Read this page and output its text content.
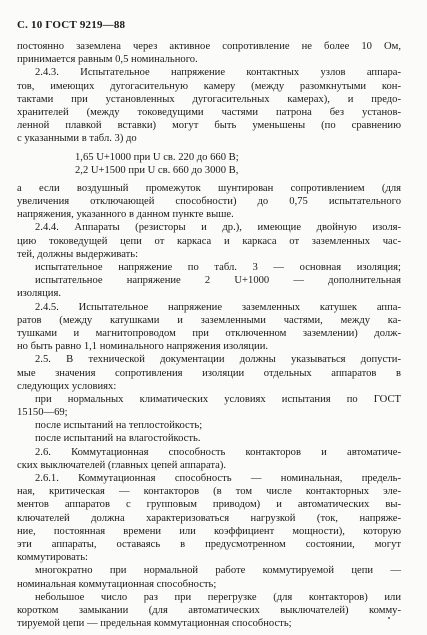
С. 10 ГОСТ 9219—88
постоянно заземлена через активное сопротивление не более 10 Ом,
принимается равным 0,5 номинального.
2.4.3. Испытательное напряжение контактных узлов аппара-
тов, имеющих дугогасительную камеру (между разомкнутыми кон-
тактами при установленных дугогасительных камерах), и предо-
хранителей (между токоведущими частями патрона без установ-
ленной плавкой вставки) могут быть уменьшены (по сравнению
с указанными в табл. 3) до
1,65 U+1000 при U св. 220 до 660 В;
2,2 U+1500 при U св. 660 до 3000 В,
а если воздушный промежуток шунтирован сопротивлением (для
увеличения отключающей способности) до 0,75 испытательного
напряжения, указанного в данном пункте выше.
2.4.4. Аппараты (резисторы и др.), имеющие двойную изоля-
цию токоведущей цепи от каркаса и каркаса от заземленных час-
тей, должны выдерживать:
испытательное напряжение по табл. 3 — основная изоляция;
испытательное напряжение 2 U+1000 — дополнительная
изоляция.
2.4.5. Испытательное напряжение заземленных катушек аппа-
ратов (между катушками и заземленными частями, между ка-
тушками и магнитопроводом при отключенном заземлении) долж-
но быть равно 1,1 номинального напряжения изоляции.
2.5. В технической документации должны указываться допусти-
мые значения сопротивления изоляции отдельных аппаратов в
следующих условиях:
при нормальных климатических условиях испытания по ГОСТ
15150—69;
после испытаний на теплостойкость;
после испытаний на влагостойкость.
2.6. Коммутационная способность контакторов и автоматиче-
ских выключателей (главных цепей аппарата).
2.6.1. Коммутационная способность — номинальная, предель-
ная, критическая — контакторов (в том числе контакторных эле-
ментов аппаратов с групповым приводом) и автоматических вы-
ключателей должна характеризоваться нагрузкой (ток, напряже-
ние, постоянная времени или коэффициент мощности), которую
эти аппараты, оставаясь в предусмотренном состоянии, могут
коммутировать:
многократно при нормальной работе коммутируемой цепи —
номинальная коммутационная способность;
небольшое число раз при перегрузке (для контакторов) или
коротком замыкании (для автоматических выключателей) комму-
тируемой цепи — предельная коммутационная способность;
